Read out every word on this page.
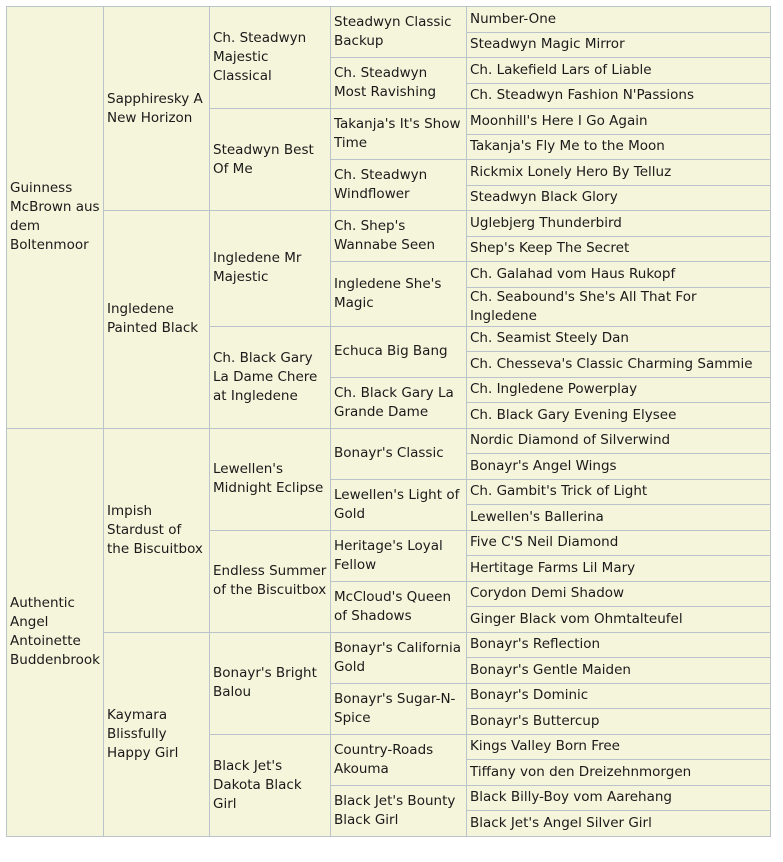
Guinness McBrown aus dem Boltenmoor	Sapphiresky A New Horizon	Ch. Steadwyn Majestic Classical	Steadwyn Classic Backup	Number-One
				Steadwyn Magic Mirror
			Ch. Steadwyn Most Ravishing	Ch. Lakefield Lars of Liable
				Ch. Steadwyn Fashion N'Passions
		Steadwyn Best Of Me	Takanja's It's Show Time	Moonhill's Here I Go Again
				Takanja's Fly Me to the Moon
			Ch. Steadwyn Windflower	Rickmix Lonely Hero By Telluz
				Steadwyn Black Glory
	Ingledene Painted Black	Ingledene Mr Majestic	Ch. Shep's Wannabe Seen	Uglebjerg Thunderbird
				Shep's Keep The Secret
			Ingledene She's Magic	Ch. Galahad vom Haus Rukopf
				Ch. Seabound's She's All That For Ingledene
		Ch. Black Gary La Dame Chere at Ingledene	Echuca Big Bang	Ch. Seamist Steely Dan
				Ch. Chesseva's Classic Charming Sammie
			Ch. Black Gary La Grande Dame	Ch. Ingledene Powerplay
				Ch. Black Gary Evening Elysee
Authentic Angel Antoinette Buddenbrook	Impish Stardust of the Biscuitbox	Lewellen's Midnight Eclipse	Bonayr's Classic	Nordic Diamond of Silverwind
				Bonayr's Angel Wings
			Lewellen's Light of Gold	Ch. Gambit's Trick of Light
				Lewellen's Ballerina
		Endless Summer of the Biscuitbox	Heritage's Loyal Fellow	Five C'S Neil Diamond
				Hertitage Farms Lil Mary
			McCloud's Queen of Shadows	Corydon Demi Shadow
				Ginger Black vom Ohmtalteufel
	Kaymara Blissfully Happy Girl	Bonayr's Bright Balou	Bonayr's California Gold	Bonayr's Reflection
				Bonayr's Gentle Maiden
			Bonayr's Sugar-N-Spice	Bonayr's Dominic
				Bonayr's Buttercup
		Black Jet's Dakota Black Girl	Country-Roads Akouma	Kings Valley Born Free
				Tiffany von den Dreizehnmorgen
			Black Jet's Bounty Black Girl	Black Billy-Boy vom Aarehang
				Black Jet's Angel Silver Girl
